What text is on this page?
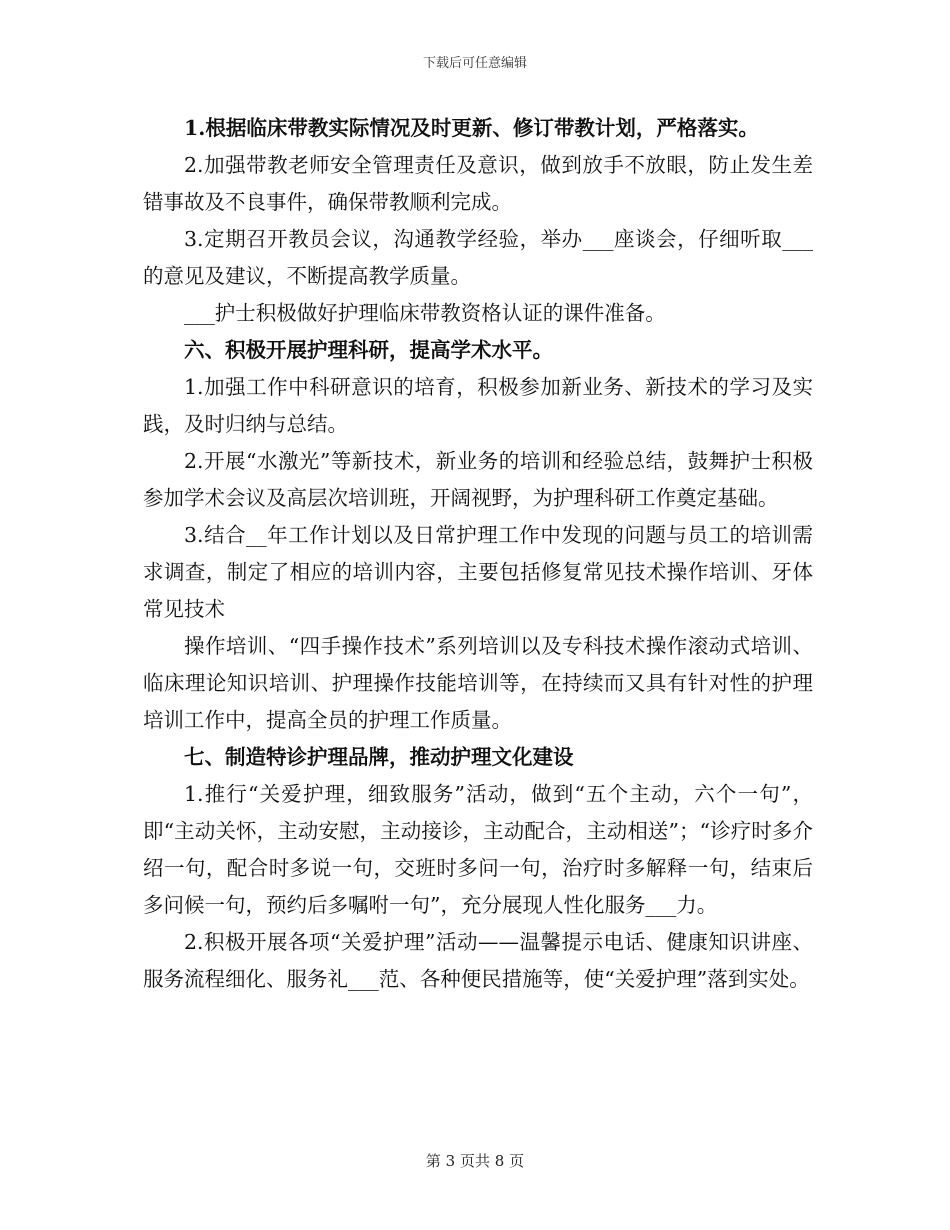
下载后可任意编辑

1.根据临床带教实际情况及时更新、修订带教计划，严格落实。

2.加强带教老师安全管理责任及意识，做到放手不放眼，防止发生差错事故及不良事件，确保带教顺利完成。

3.定期召开教员会议，沟通教学经验，举办___座谈会，仔细听取___的意见及建议，不断提高教学质量。

___护士积极做好护理临床带教资格认证的课件准备。

六、积极开展护理科研，提高学术水平。

1.加强工作中科研意识的培育，积极参加新业务、新技术的学习及实践，及时归纳与总结。

2.开展“水激光”等新技术，新业务的培训和经验总结，鼓舞护士积极参加学术会议及高层次培训班，开阔视野，为护理科研工作奠定基础。

3.结合__年工作计划以及日常护理工作中发现的问题与员工的培训需求调查，制定了相应的培训内容，主要包括修复常见技术操作培训、牙体常见技术

操作培训、“四手操作技术”系列培训以及专科技术操作滚动式培训、临床理论知识培训、护理操作技能培训等，在持续而又具有针对性的护理培训工作中，提高全员的护理工作质量。

七、制造特诊护理品牌，推动护理文化建设

1.推行“关爱护理，细致服务”活动，做到“五个主动，六个一句”，即“主动关怀，主动安慰，主动接诊，主动配合，主动相送”；“诊疗时多介绍一句，配合时多说一句，交班时多问一句，治疗时多解释一句，结束后多问候一句，预约后多嘱咐一句”，充分展现人性化服务___力。

2.积极开展各项“关爱护理”活动——温馨提示电话、健康知识讲座、服务流程细化、服务礼___范、各种便民措施等，使“关爱护理”落到实处。

第 3 页共 8 页
